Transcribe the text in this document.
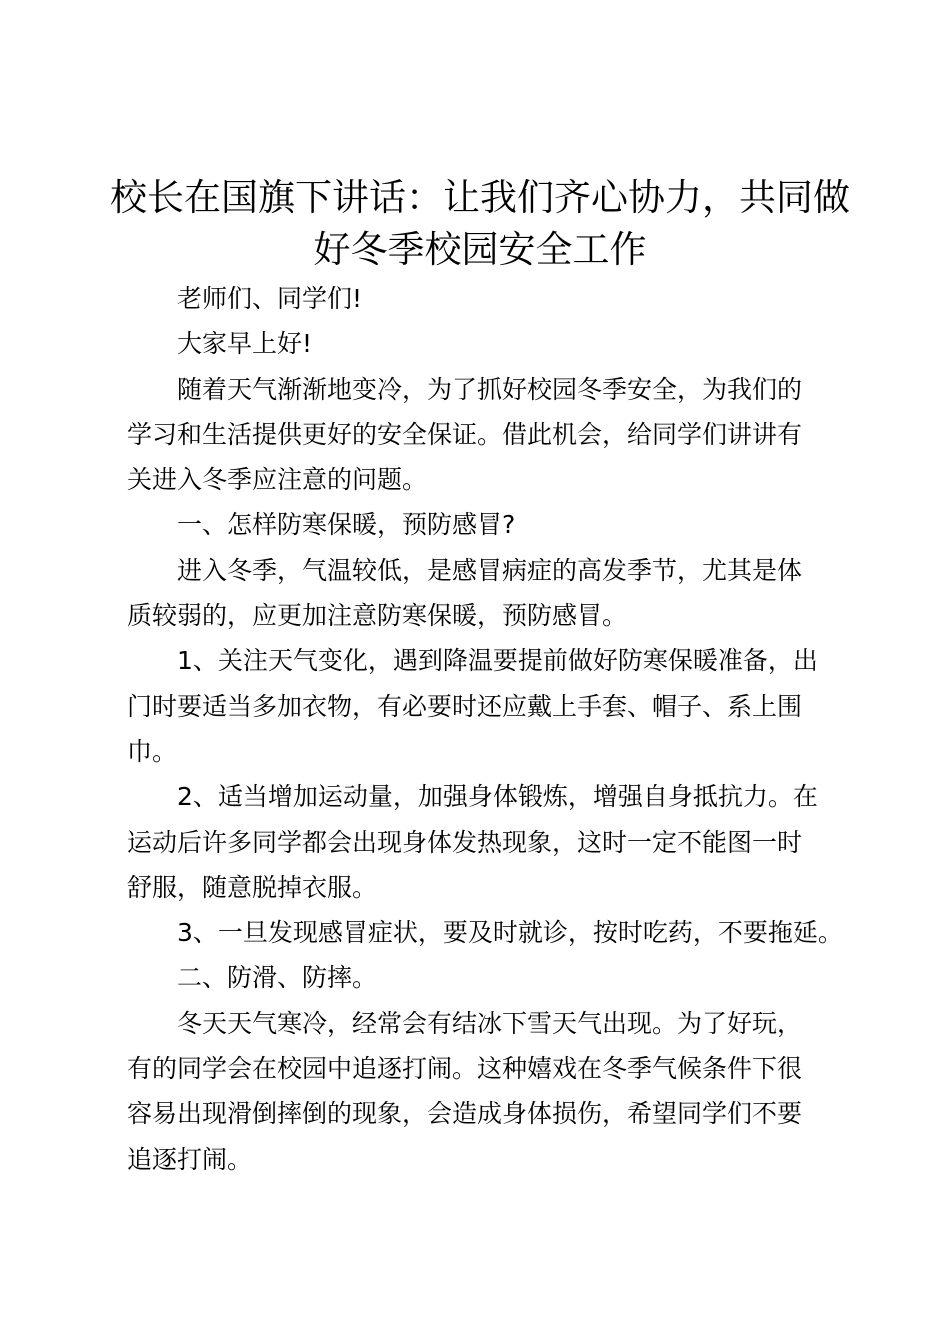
校长在国旗下讲话：让我们齐心协力，共同做
好冬季校园安全工作

老师们、同学们!

大家早上好!

随着天气渐渐地变冷，为了抓好校园冬季安全，为我们的
学习和生活提供更好的安全保证。借此机会，给同学们讲讲有
关进入冬季应注意的问题。

一、怎样防寒保暖，预防感冒?

进入冬季，气温较低，是感冒病症的高发季节，尤其是体
质较弱的，应更加注意防寒保暖，预防感冒。

1、关注天气变化，遇到降温要提前做好防寒保暖准备，出
门时要适当多加衣物，有必要时还应戴上手套、帽子、系上围
巾。

2、适当增加运动量，加强身体锻炼，增强自身抵抗力。在
运动后许多同学都会出现身体发热现象，这时一定不能图一时
舒服，随意脱掉衣服。

3、一旦发现感冒症状，要及时就诊，按时吃药，不要拖延。

二、防滑、防摔。

冬天天气寒冷，经常会有结冰下雪天气出现。为了好玩，
有的同学会在校园中追逐打闹。这种嬉戏在冬季气候条件下很
容易出现滑倒摔倒的现象，会造成身体损伤，希望同学们不要
追逐打闹。
